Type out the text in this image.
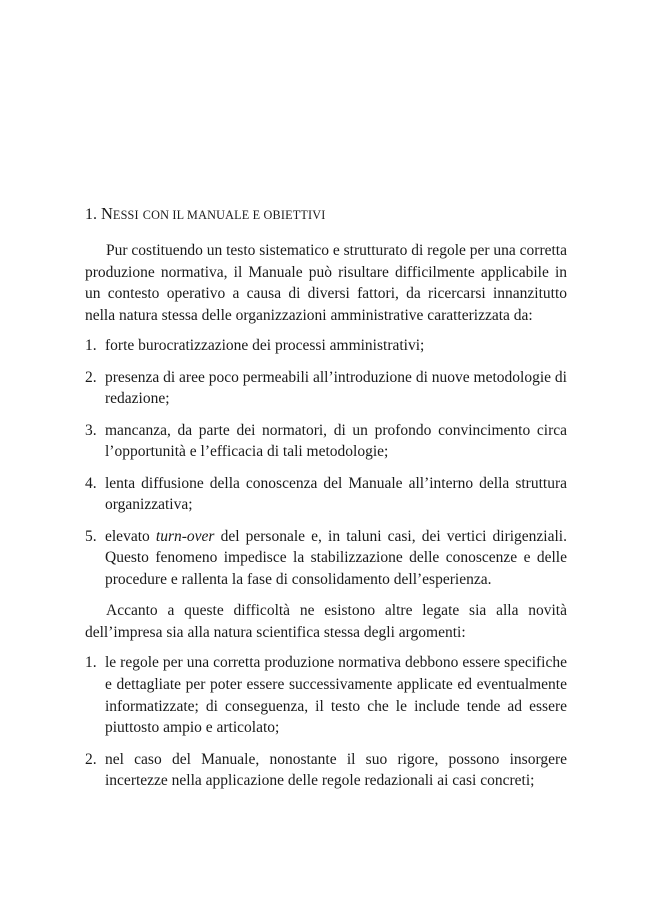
1. NESSI CON IL MANUALE E OBIETTIVI

Pur costituendo un testo sistematico e strutturato di regole per una corretta produzione normativa, il Manuale può risultare difficilmente applicabile in un contesto operativo a causa di diversi fattori, da ricercarsi innanzitutto nella natura stessa delle organizzazioni amministrative caratterizzata da:

1. forte burocratizzazione dei processi amministrativi;
2. presenza di aree poco permeabili all’introduzione di nuove metodologie di redazione;
3. mancanza, da parte dei normatori, di un profondo convincimento circa l’opportunità e l’efficacia di tali metodologie;
4. lenta diffusione della conoscenza del Manuale all’interno della struttura organizzativa;
5. elevato turn-over del personale e, in taluni casi, dei vertici dirigenziali. Questo fenomeno impedisce la stabilizzazione delle conoscenze e delle procedure e rallenta la fase di consolidamento dell’esperienza.

Accanto a queste difficoltà ne esistono altre legate sia alla novità dell’impresa sia alla natura scientifica stessa degli argomenti:

1. le regole per una corretta produzione normativa debbono essere specifiche e dettagliate per poter essere successivamente applicate ed eventualmente informatizzate; di conseguenza, il testo che le include tende ad essere piuttosto ampio e articolato;
2. nel caso del Manuale, nonostante il suo rigore, possono insorgere incertezze nella applicazione delle regole redazionali ai casi concreti;
